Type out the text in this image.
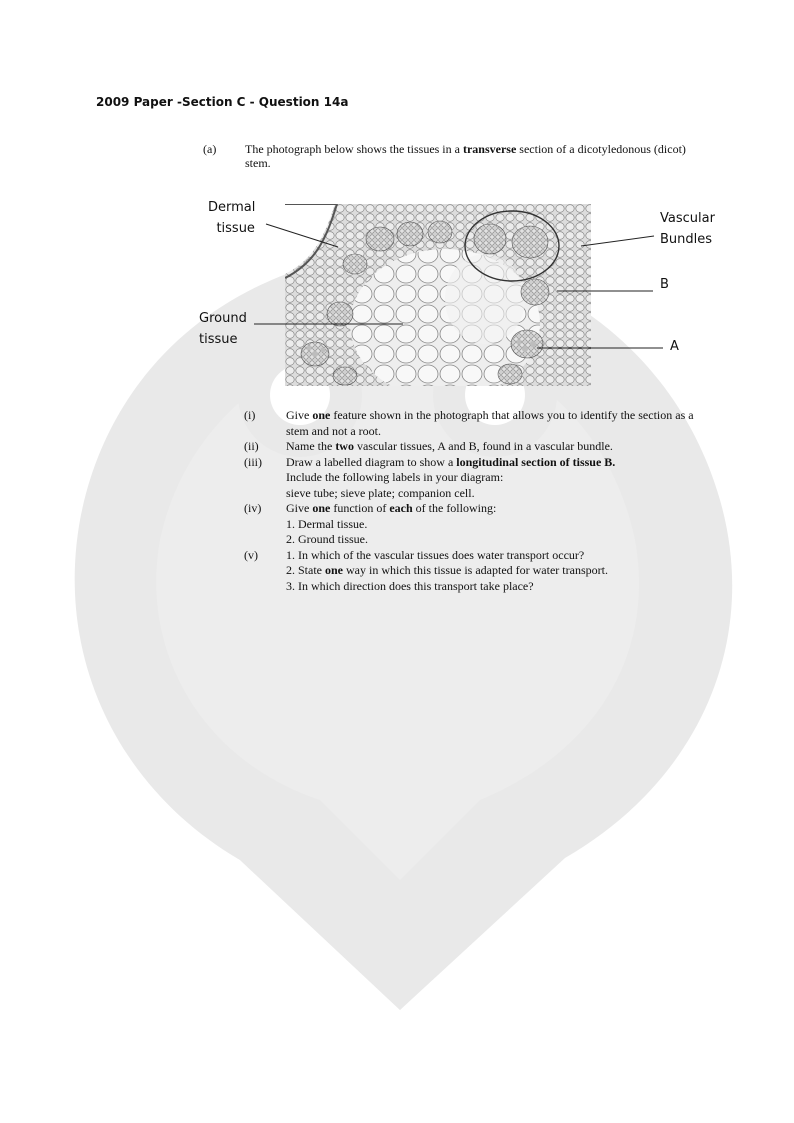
2009 Paper -Section C - Question 14a
(a) The photograph below shows the tissues in a transverse section of a dicotyledonous (dicot) stem.
Dermal
tissue
Vascular
Bundles
B
Ground
tissue	A
(i)	Give one feature shown in the photograph that allows you to identify the section as a
stem and not a root.
(ii) Name the two vascular tissues, A and B, found in a vascular bundle.
(iii) Draw a labelled diagram to show a longitudinal section of tissue B.
Include the following labels in your diagram:
sieve tube; sieve plate; companion cell.
(iv) Give one function of each of the following:
1. Dermal tissue.
2. Ground tissue.
(v) 1. In which of the vascular tissues does water transport occur?
2. State one way in which this tissue is adapted for water transport.
3. In which direction does this transport take place?
